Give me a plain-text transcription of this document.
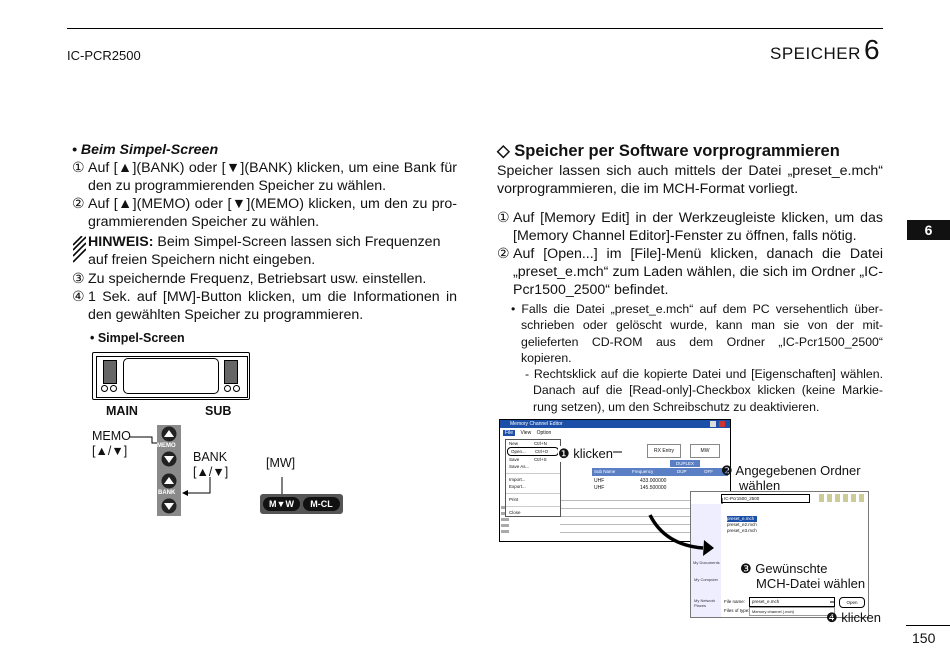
IC-PCR2500	SPEICHER 6
6
• Beim Simpel-Screen
① Auf [▲](BANK) oder [▼](BANK) klicken, um eine Bank für den zu programmierenden Speicher zu wählen.
② Auf [▲](MEMO) oder [▼](MEMO) klicken, um den zu pro-grammierenden Speicher zu wählen.
HINWEIS: Beim Simpel-Screen lassen sich Frequenzen auf freien Speichern nicht eingeben.
③ Zu speichernde Frequenz, Betriebsart usw. einstellen.
④ 1 Sek. auf [MW]-Button klicken, um die Informationen in den gewählten Speicher zu programmieren.
• Simpel-Screen
MAIN	SUB
MEMO
[▲/▼]	BANK
[▲/▼]
[MW]
MEMO
BANK
M▼W	M-CL
◇ Speicher per Software vorprogrammieren
Speicher lassen sich auch mittels der Datei „preset_e.mch“ vorprogrammieren, die im MCH-Format vorliegt.
① Auf [Memory Edit] in der Werkzeugleiste klicken, um das [Memory Channel Editor]-Fenster zu öffnen, falls nötig.
② Auf [Open...] im [File]-Menü klicken, danach die Datei „preset_e.mch“ zum Laden wählen, die sich im Ordner „IC-Pcr1500_2500“ befindet.
• Falls die Datei „preset_e.mch“ auf dem PC versehentlich über-schrieben oder gelöscht wurde, kann man sie von der mit-gelieferten CD-ROM aus dem Ordner „IC-Pcr1500_2500“ kopieren.
- Rechtsklick auf die kopierte Datei und [Eigenschaften] wählen. Danach auf die [Read-only]-Checkbox klicken (keine Markie-rung setzen), um den Schreibschutz zu deaktivieren.
Memory Channel Editor
File View Option
RX Entry	MW
DUPLEX
Sub Name	Frequency	DUP	OFF
UHF	433.000000
UHF	145.500000
New	Ctrl+N
Open... Ctrl+O
Save	Ctrl+S
Save As...
Import...
Export...
Print
Close
IC-Pcr1500_2500
preset_e.mch
preset_e2.mch
preset_e3.mch
My Documents
My Computer
My Network Places
File name:	preset_e.mch
Files of type: Memory channel (.mch)
Open
❶ klicken
❷ Angegebenen Ordner
wählen
❸ Gewünschte
MCH-Datei wählen
❹ klicken
150
